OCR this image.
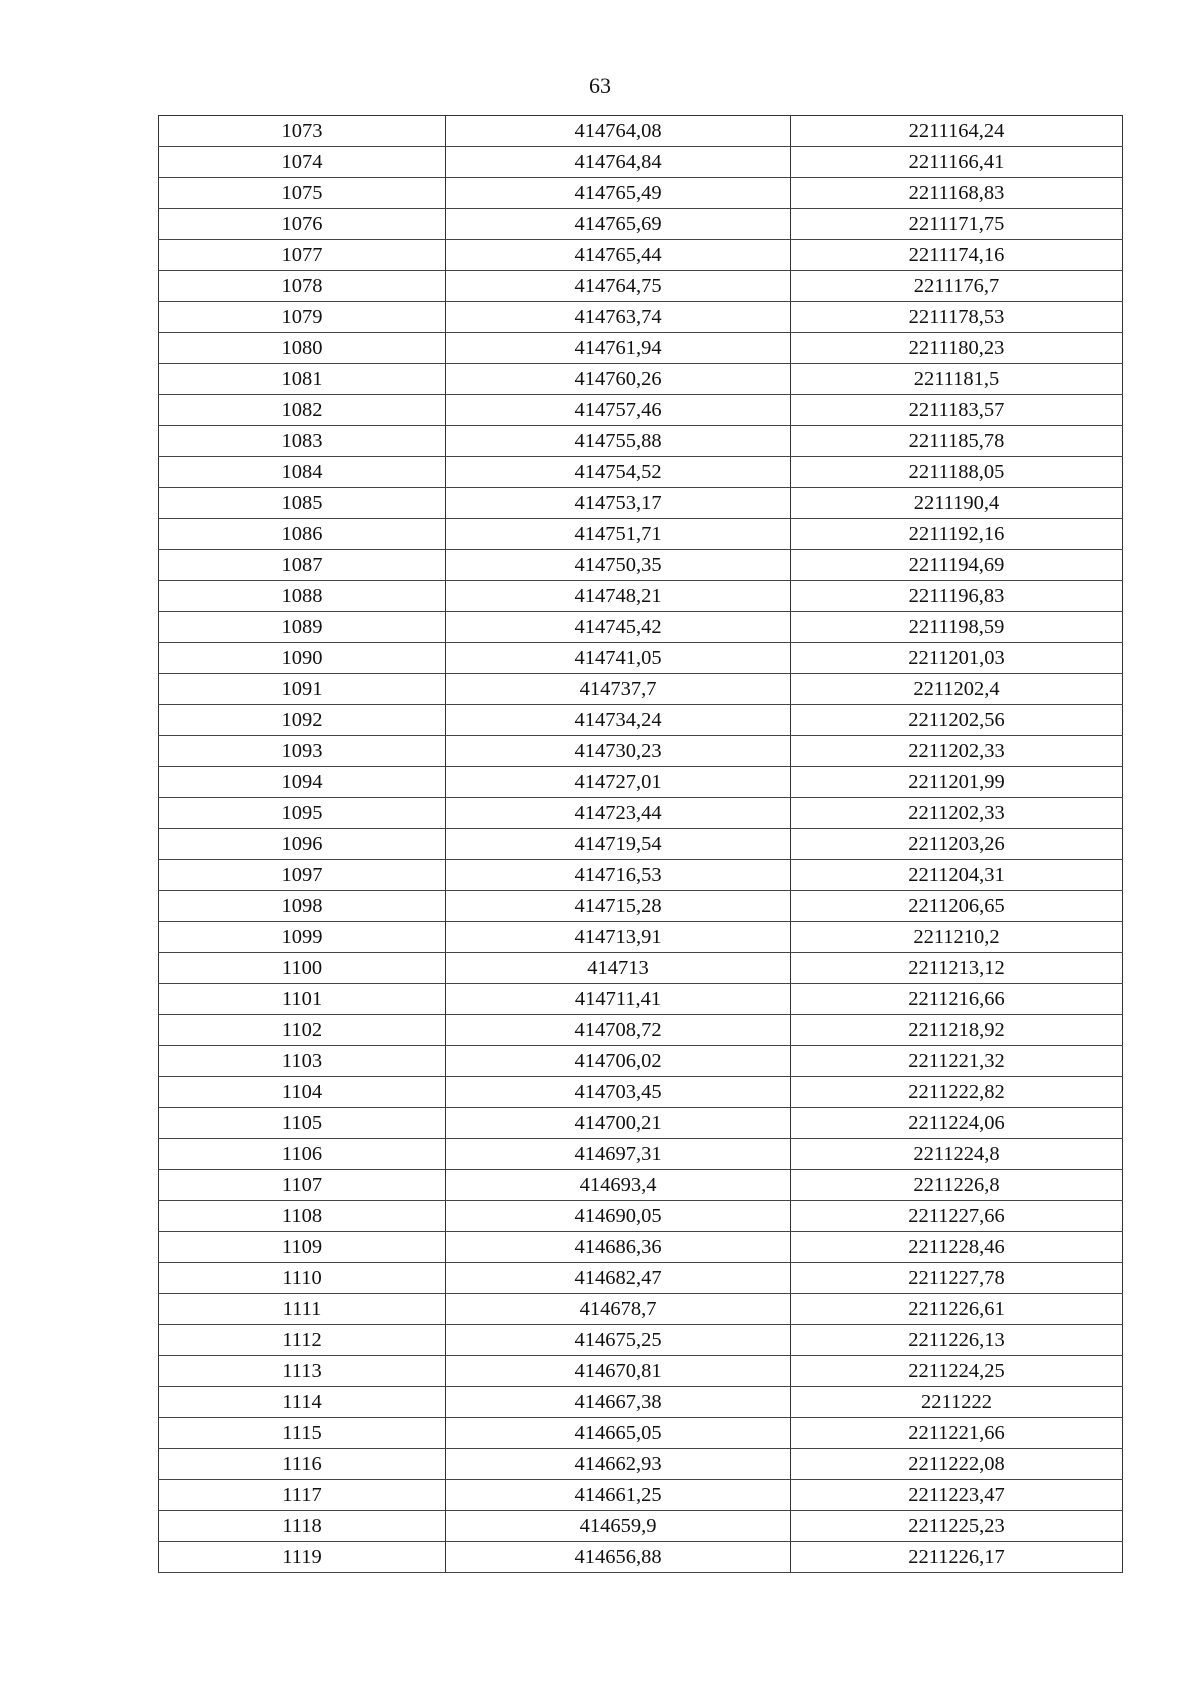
63
1073	414764,08	2211164,24
1074	414764,84	2211166,41
1075	414765,49	2211168,83
1076	414765,69	2211171,75
1077	414765,44	2211174,16
1078	414764,75	2211176,7
1079	414763,74	2211178,53
1080	414761,94	2211180,23
1081	414760,26	2211181,5
1082	414757,46	2211183,57
1083	414755,88	2211185,78
1084	414754,52	2211188,05
1085	414753,17	2211190,4
1086	414751,71	2211192,16
1087	414750,35	2211194,69
1088	414748,21	2211196,83
1089	414745,42	2211198,59
1090	414741,05	2211201,03
1091	414737,7	2211202,4
1092	414734,24	2211202,56
1093	414730,23	2211202,33
1094	414727,01	2211201,99
1095	414723,44	2211202,33
1096	414719,54	2211203,26
1097	414716,53	2211204,31
1098	414715,28	2211206,65
1099	414713,91	2211210,2
1100	414713	2211213,12
1101	414711,41	2211216,66
1102	414708,72	2211218,92
1103	414706,02	2211221,32
1104	414703,45	2211222,82
1105	414700,21	2211224,06
1106	414697,31	2211224,8
1107	414693,4	2211226,8
1108	414690,05	2211227,66
1109	414686,36	2211228,46
1110	414682,47	2211227,78
1111	414678,7	2211226,61
1112	414675,25	2211226,13
1113	414670,81	2211224,25
1114	414667,38	2211222
1115	414665,05	2211221,66
1116	414662,93	2211222,08
1117	414661,25	2211223,47
1118	414659,9	2211225,23
1119	414656,88	2211226,17
